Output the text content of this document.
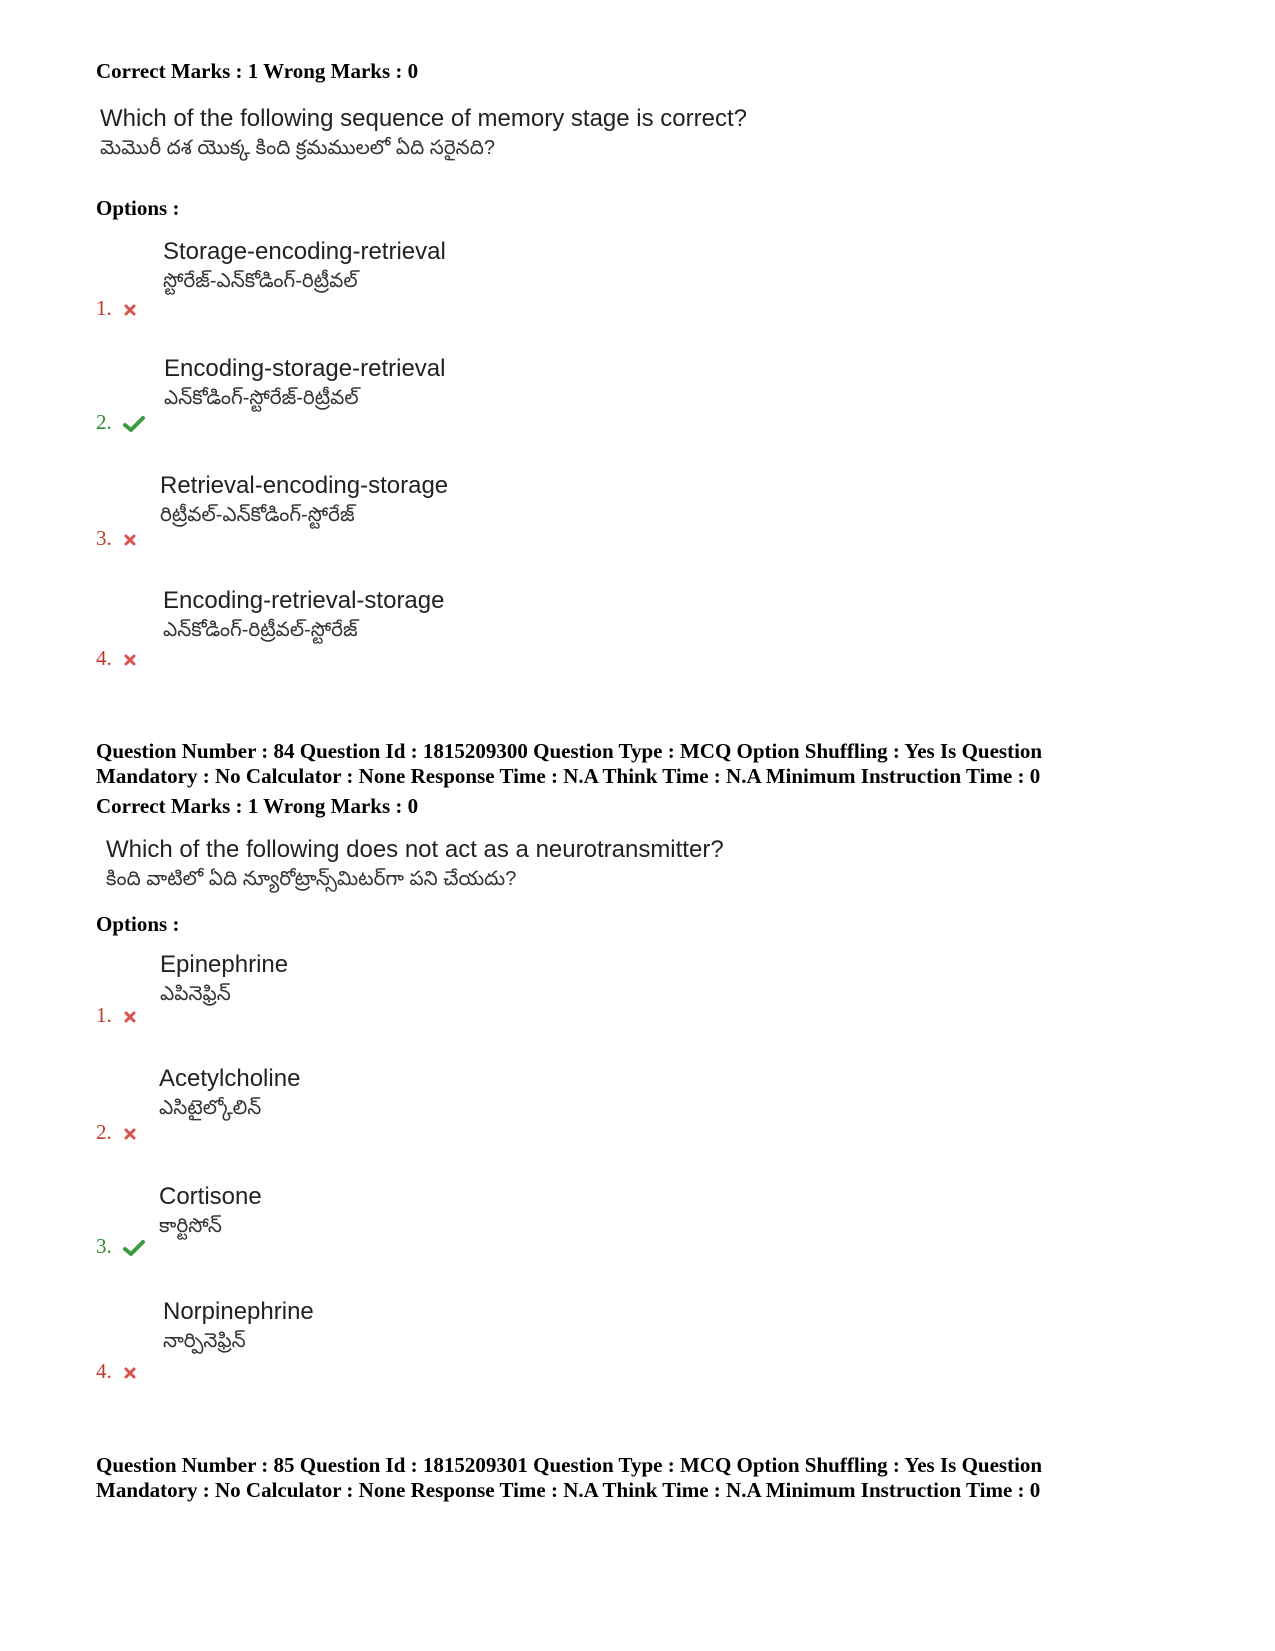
Correct Marks : 1 Wrong Marks : 0
Which of the following sequence of memory stage is correct?
మెమొరీ దశ యొక్క కింది క్రమములలో ఏది సరైనది?
Options :
Storage-encoding-retrieval
స్టోరేజ్-ఎన్‌కోడింగ్-రిట్రీవల్
1.
Encoding-storage-retrieval
ఎన్‌కోడింగ్-స్టోరేజ్-రిట్రీవల్
2.
Retrieval-encoding-storage
రిట్రీవల్-ఎన్‌కోడింగ్-స్టోరేజ్
3.
Encoding-retrieval-storage
ఎన్‌కోడింగ్-రిట్రీవల్-స్టోరేజ్
4.
Question Number : 84 Question Id : 1815209300 Question Type : MCQ Option Shuffling : Yes Is Question
Mandatory : No Calculator : None Response Time : N.A Think Time : N.A Minimum Instruction Time : 0
Correct Marks : 1 Wrong Marks : 0
Which of the following does not act as a neurotransmitter?
కింది వాటిలో ఏది న్యూరోట్రాన్స్‌మిటర్‌గా పని చేయదు?
Options :
Epinephrine
ఎపినెఫ్రిన్
1.
Acetylcholine
ఎసిటైల్కోలిన్
2.
Cortisone
కార్టిసోన్
3.
Norpinephrine
నార్పినెఫ్రిన్
4.
Question Number : 85 Question Id : 1815209301 Question Type : MCQ Option Shuffling : Yes Is Question
Mandatory : No Calculator : None Response Time : N.A Think Time : N.A Minimum Instruction Time : 0
